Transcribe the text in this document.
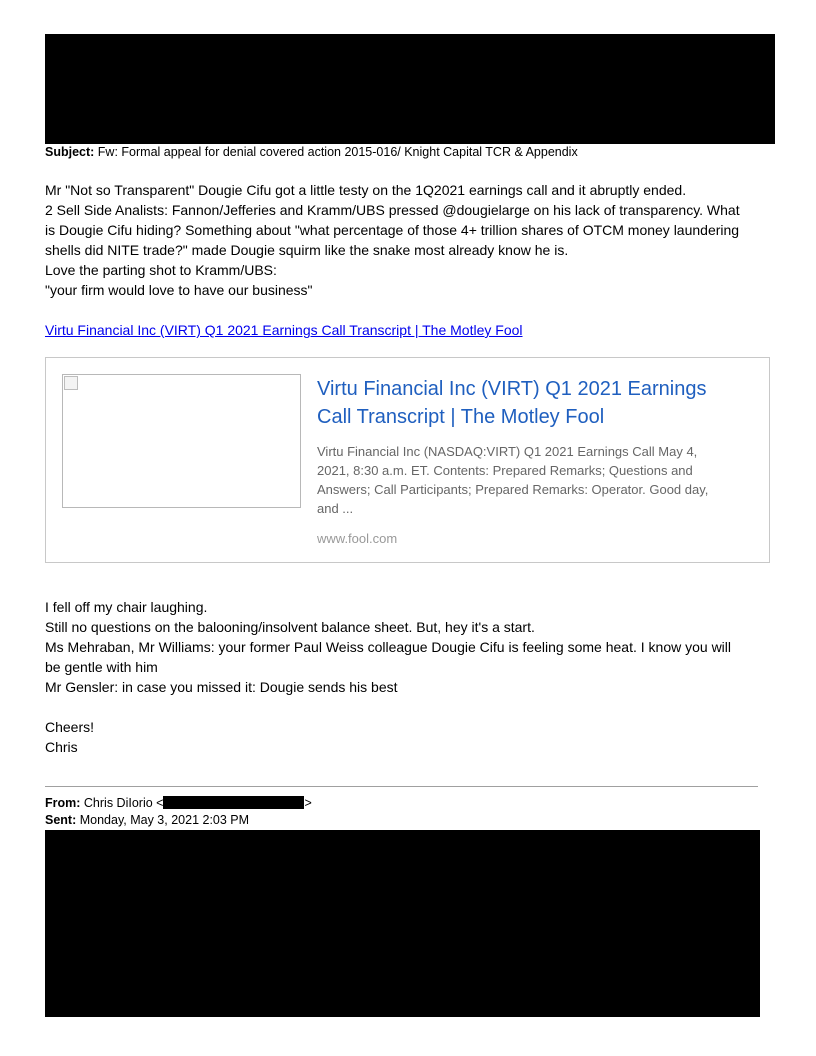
Subject: Fw: Formal appeal for denial covered action 2015-016/ Knight Capital TCR & Appendix
Mr "Not so Transparent" Dougie Cifu got a little testy on the 1Q2021 earnings call and it abruptly ended.
2 Sell Side Analists: Fannon/Jefferies and Kramm/UBS pressed @dougielarge on his lack of transparency. What
is Dougie Cifu hiding? Something about "what percentage of those 4+ trillion shares of OTCM money laundering
shells did NITE trade?" made Dougie squirm like the snake most already know he is.
Love the parting shot to Kramm/UBS:
"your firm would love to have our business"
Virtu Financial Inc (VIRT) Q1 2021 Earnings Call Transcript | The Motley Fool
Virtu Financial Inc (VIRT) Q1 2021 Earnings
Call Transcript | The Motley Fool
Virtu Financial Inc (NASDAQ:VIRT) Q1 2021 Earnings Call May 4,
2021, 8:30 a.m. ET. Contents: Prepared Remarks; Questions and
Answers; Call Participants; Prepared Remarks: Operator. Good day,
and ...
www.fool.com
I fell off my chair laughing.
Still no questions on the balooning/insolvent balance sheet. But, hey it's a start.
Ms Mehraban, Mr Williams: your former Paul Weiss colleague Dougie Cifu is feeling some heat. I know you will
be gentle with him
Mr Gensler: in case you missed it: Dougie sends his best
Cheers!
Chris
From: Chris DiIorio <	>
Sent: Monday, May 3, 2021 2:03 PM
